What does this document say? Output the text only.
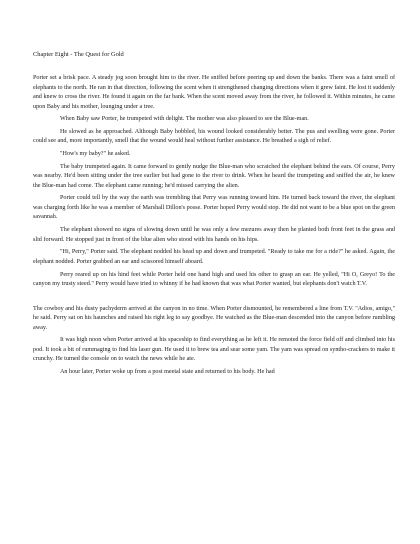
Chapter Eight - The Quest for Gold

Porter set a brisk pace. A steady jog soon brought him to the river. He sniffed before peering up and down the banks. There was a faint smell of elephants to the north. He ran in that direction, following the scent when it strengthened changing directions when it grew faint. He lost it suddenly and knew to cross the river. He found it again on the far bank. When the scent moved away from the river, he followed it. Within minutes, he came upon Baby and his mother, lounging under a tree.

When Baby saw Porter, he trumpeted with delight. The mother was also pleased to see the Blue-man.

He slowed as he approached. Although Baby hobbled, his wound looked considerably better. The pus and swelling were gone. Porter could see and, more importantly, smell that the wound would heal without further assistance. He breathed a sigh of relief.

"How's my baby?" he asked.

The baby trumpeted again. It came forward to gently nudge the Blue-man who scratched the elephant behind the ears. Of course, Perry was nearby. He'd been sitting under the tree earlier but had gone to the river to drink. When he heard the trumpeting and sniffed the air, he knew the Blue-man had come. The elephant came running; he'd missed carrying the alien.

Porter could tell by the way the earth was trembling that Perry was running toward him. He turned back toward the river, the elephant was charging forth like he was a member of Marshall Dillon's posse. Porter hoped Perry would stop. He did not want to be a blue spot on the green savannah.

The elephant showed no signs of slowing down until he was only a few mezures away then he planted both front feet in the grass and slid forward. He stopped just in front of the blue alien who stood with his hands on his hips.

"Hi, Perry," Porter said. The elephant nodded his head up and down and trumpeted. "Ready to take me for a ride?" he asked. Again, the elephant nodded. Porter grabbed an ear and scissored himself aboard.

Perry reared up on his hind feet while Porter held one hand high and used his other to grasp an ear. He yelled, "Hi O, Greyo! To the canyon my trusty steed." Perry would have tried to whinny if he had known that was what Porter wanted, but elephants don't watch T.V.

The cowboy and his dusty pachyderm arrived at the canyon in no time. When Porter dismounted, he remembered a line from T.V. "Adios, amigo," he said. Perry sat on his haunches and raised his right leg to say goodbye. He watched as the Blue-man descended into the canyon before rumbling away.

It was high noon when Porter arrived at his spaceship to find everything as he left it. He remoted the force field off and climbed into his pod. It took a bit of rummaging to find his laser gun. He used it to brew tea and sear some yam. The yam was spread on syntho-crackers to make it crunchy. He turned the console on to watch the news while he ate.

An hour later, Porter woke up from a post meetal state and returned to his body. He had
